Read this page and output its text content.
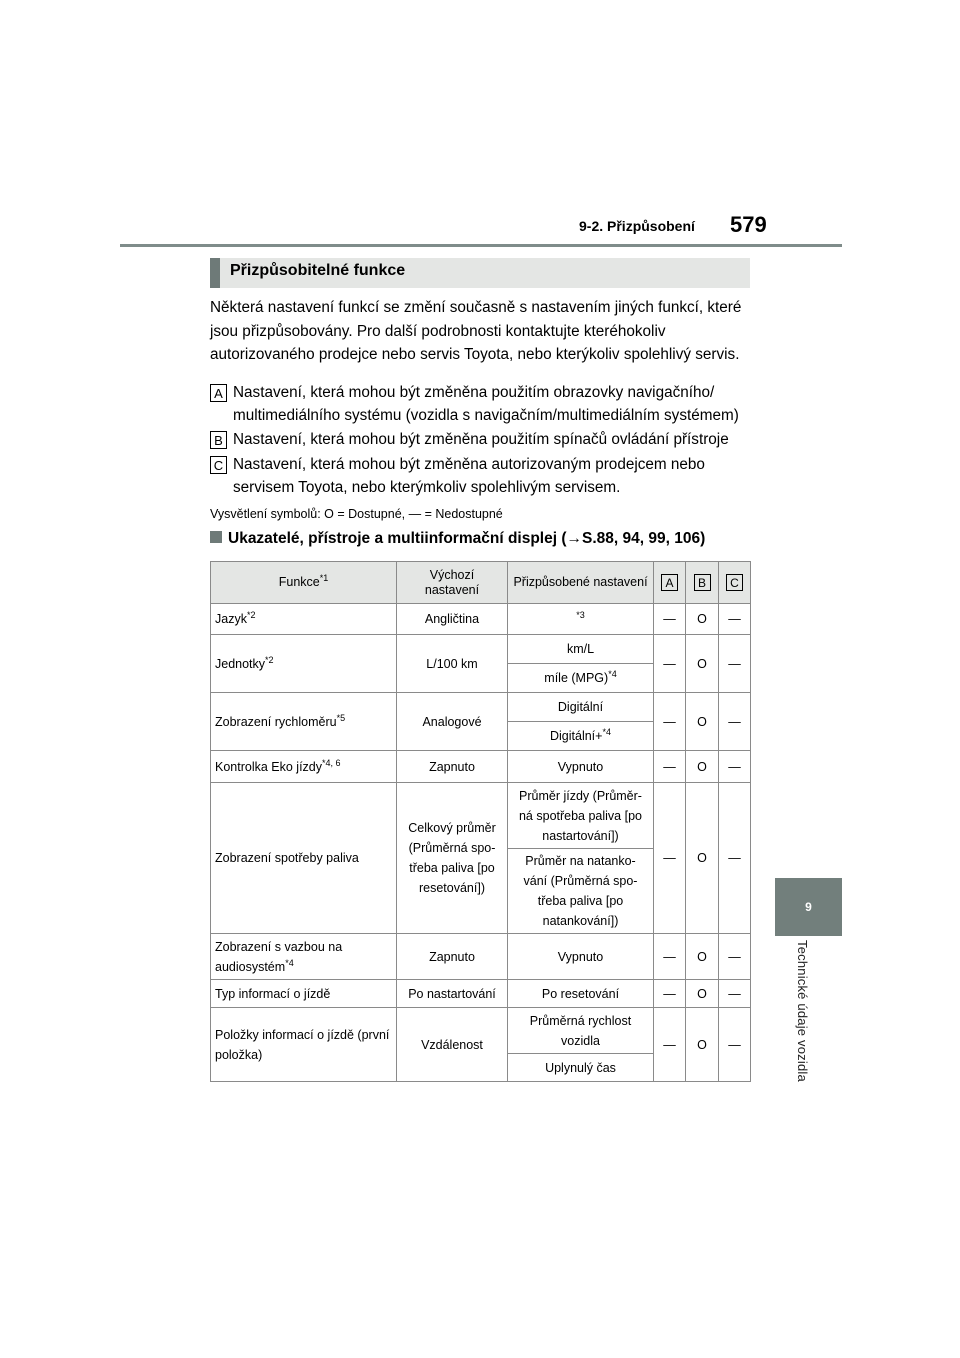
9-2. Přizpůsobení 579
9
Technické údaje vozidla
Přizpůsobitelné funkce
Některá nastavení funkcí se změní současně s nastavením jiných funkcí, které jsou přizpůsobovány. Pro další podrobnosti kontaktujte kteréhokoliv autorizovaného prodejce nebo servis Toyota, nebo kterýkoliv spolehlivý servis.
A Nastavení, která mohou být změněna použitím obrazovky navigačního/ multimediálního systému (vozidla s navigačním/multimediálním systémem)
B Nastavení, která mohou být změněna použitím spínačů ovládání přístroje
C Nastavení, která mohou být změněna autorizovaným prodejcem nebo servisem Toyota, nebo kterýmkoliv spolehlivým servisem.
Vysvětlení symbolů: O = Dostupné, — = Nedostupné
Ukazatelé, přístroje a multiinformační displej (→S.88, 94, 99, 106)
Funkce$^{*1}$	Výchozí nastavení	Přizpůsobené nastavení	A	B	C
Jazyk$^{*2}$	Angličtina	$^{*3}$	—	O	—
Jednotky$^{*2}$	L/100 km	km/L	—	O	—
		míle (MPG)$^{*4}$
Zobrazení rychloměru$^{*5}$	Analogové	Digitální	—	O	—
		Digitální+$^{*4}$
Kontrolka Eko jízdy$^{*4, 6}$	Zapnuto	Vypnuto	—	O	—
Zobrazení spotřeby paliva	Celkový průměr (Průměrná spo- třeba paliva [po resetování])	Průměr jízdy (Průměr- ná spotřeba paliva [po nastartování])	—	O	—
		Průměr na natanko- vání (Průměrná spo- třeba paliva [po natankování])			
Zobrazení s vazbou na audiosystém$^{*4}$	Zapnuto	Vypnuto	—	O	—
Typ informací o jízdě	Po nastartování	Po resetování	—	O	—
Položky informací o jízdě (první položka)	Vzdálenost	Průměrná rychlost vozidla	—	O	—
		Uplynulý čas			
